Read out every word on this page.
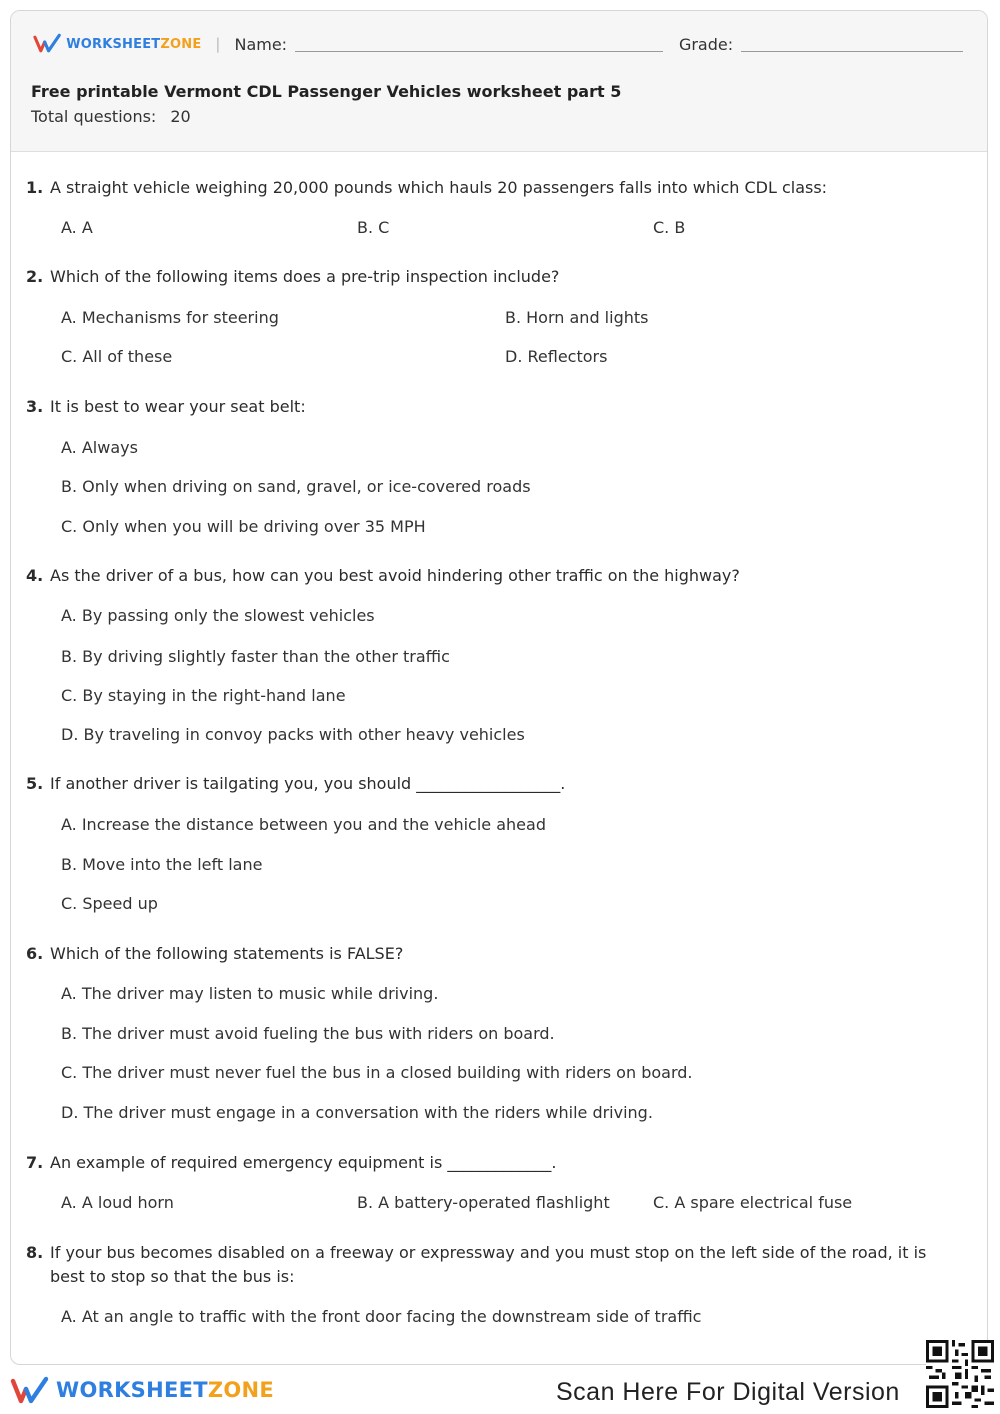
WORKSHEETZONE | Name:	Grade:
Free printable Vermont CDL Passenger Vehicles worksheet part 5
Total questions: 20
1. A straight vehicle weighing 20,000 pounds which hauls 20 passengers falls into which CDL class:
A. A	B. C	C. B
2. Which of the following items does a pre-trip inspection include?
A. Mechanisms for steering	B. Horn and lights
C. All of these	D. Reflectors
3. It is best to wear your seat belt:
A. Always
B. Only when driving on sand, gravel, or ice-covered roads
C. Only when you will be driving over 35 MPH
4. As the driver of a bus, how can you best avoid hindering other traffic on the highway?
A. By passing only the slowest vehicles
B. By driving slightly faster than the other traffic
C. By staying in the right-hand lane
D. By traveling in convoy packs with other heavy vehicles
5. If another driver is tailgating you, you should __________________.
A. Increase the distance between you and the vehicle ahead
B. Move into the left lane
C. Speed up
6. Which of the following statements is FALSE?
A. The driver may listen to music while driving.
B. The driver must avoid fueling the bus with riders on board.
C. The driver must never fuel the bus in a closed building with riders on board.
D. The driver must engage in a conversation with the riders while driving.
7. An example of required emergency equipment is _____________.
A. A loud horn	B. A battery-operated flashlight	C. A spare electrical fuse
8. If your bus becomes disabled on a freeway or expressway and you must stop on the left side of the road, it is best to stop so that the bus is:
A. At an angle to traffic with the front door facing the downstream side of traffic
WORKSHEETZONE	Scan Here For Digital Version
